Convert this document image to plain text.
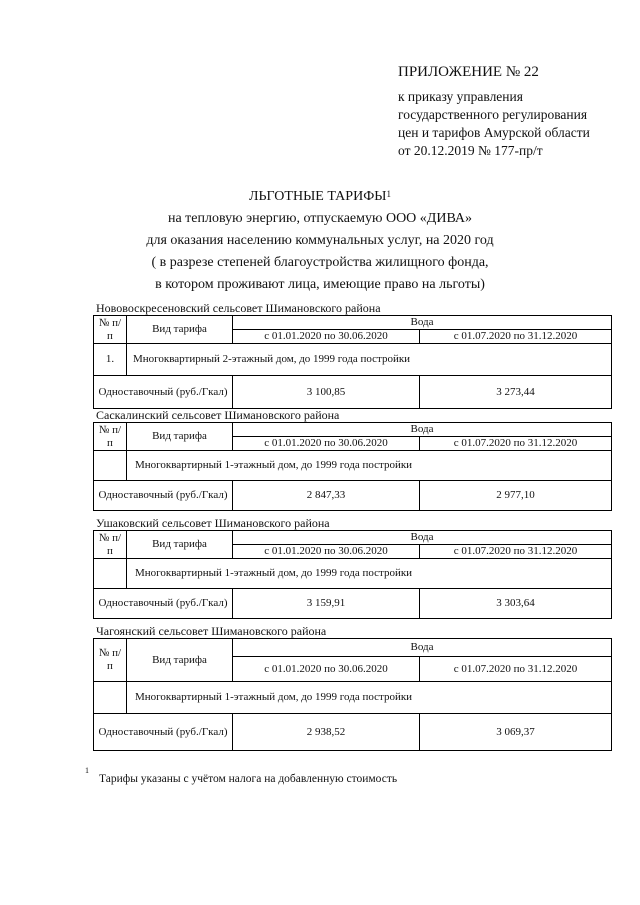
ПРИЛОЖЕНИЕ № 22
к приказу управления
государственного регулирования
цен и тарифов Амурской области
от 20.12.2019 № 177-пр/т
ЛЬГОТНЫЕ ТАРИФЫ$^1$
на тепловую энергию, отпускаемую ООО «ДИВА»
для оказания населению коммунальных услуг, на 2020 год
( в разрезе степеней благоустройства жилищного фонда,
в котором проживают лица, имеющие право на льготы)
Нововоскресеновский сельсовет Шимановского района
№ п/п	Вид тарифа	Вода	
		с 01.01.2020 по 30.06.2020	с 01.07.2020 по 31.12.2020
1.	Многоквартирный 2-этажный дом, до 1999 года постройки		
Одноставочный (руб./Гкал)		3 100,85	3 273,44
Саскалинский сельсовет Шимановского района
№ п/п	Вид тарифа	Вода	
		с 01.01.2020 по 30.06.2020	с 01.07.2020 по 31.12.2020
	Многоквартирный 1-этажный дом, до 1999 года постройки		
Одноставочный (руб./Гкал)		2 847,33	2 977,10
Ушаковский сельсовет Шимановского района
№ п/п	Вид тарифа	Вода	
		с 01.01.2020 по 30.06.2020	с 01.07.2020 по 31.12.2020
	Многоквартирный 1-этажный дом, до 1999 года постройки		
Одноставочный (руб./Гкал)		3 159,91	3 303,64
Чагоянский сельсовет Шимановского района
№ п/п	Вид тарифа	Вода	
		с 01.01.2020 по 30.06.2020	с 01.07.2020 по 31.12.2020
	Многоквартирный 1-этажный дом, до 1999 года постройки		
Одноставочный (руб./Гкал)		2 938,52	3 069,37
$^1$Тарифы указаны с учётом налога на добавленную стоимость
